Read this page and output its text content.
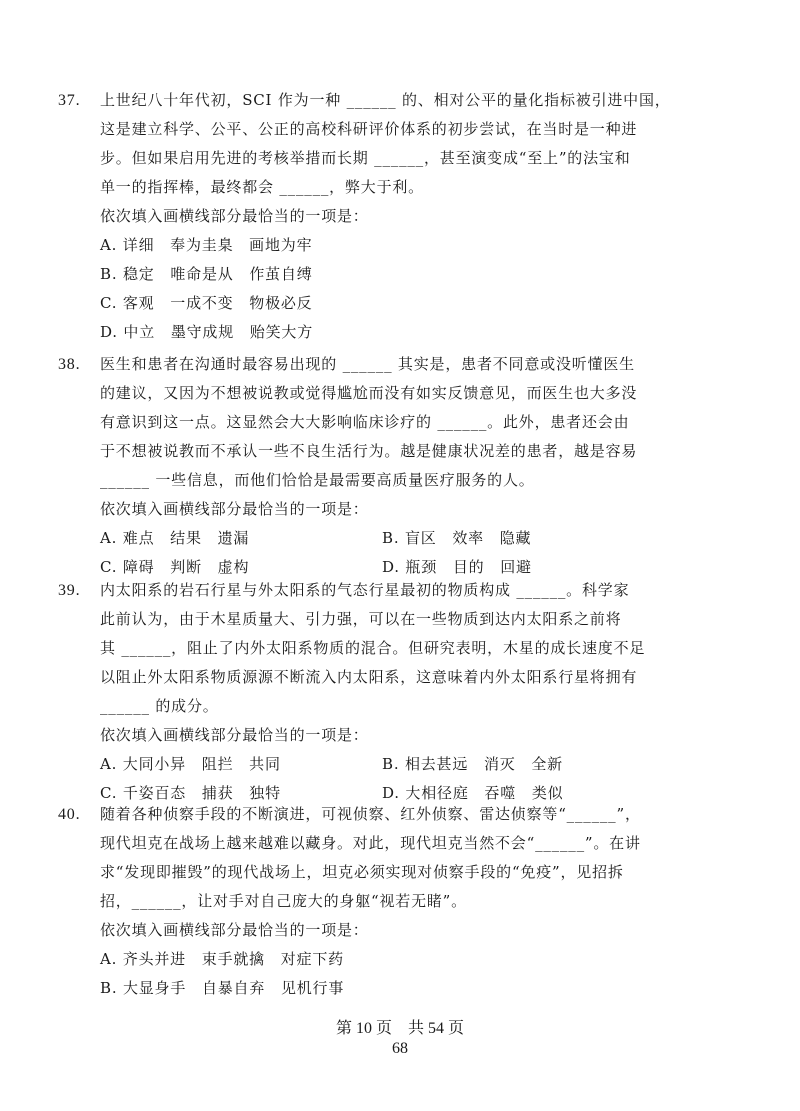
37. 上世纪八十年代初，SCI 作为一种 ______ 的、相对公平的量化指标被引进中国，
这是建立科学、公平、公正的高校科研评价体系的初步尝试，在当时是一种进
步。但如果启用先进的考核举措而长期 ______，甚至演变成“至上”的法宝和
单一的指挥棒，最终都会 ______，弊大于利。
依次填入画横线部分最恰当的一项是：
A. 详细　奉为圭臬　画地为牢
B. 稳定　唯命是从　作茧自缚
C. 客观　一成不变　物极必反
D. 中立　墨守成规　贻笑大方
38. 医生和患者在沟通时最容易出现的 ______ 其实是，患者不同意或没听懂医生
的建议，又因为不想被说教或觉得尴尬而没有如实反馈意见，而医生也大多没
有意识到这一点。这显然会大大影响临床诊疗的 ______。此外，患者还会由
于不想被说教而不承认一些不良生活行为。越是健康状况差的患者，越是容易
______ 一些信息，而他们恰恰是最需要高质量医疗服务的人。
依次填入画横线部分最恰当的一项是：
A. 难点　结果　遗漏	B. 盲区　效率　隐藏
C. 障碍　判断　虚构	D. 瓶颈　目的　回避
39. 内太阳系的岩石行星与外太阳系的气态行星最初的物质构成 ______。科学家
此前认为，由于木星质量大、引力强，可以在一些物质到达内太阳系之前将
其 ______，阻止了内外太阳系物质的混合。但研究表明，木星的成长速度不足
以阻止外太阳系物质源源不断流入内太阳系，这意味着内外太阳系行星将拥有
______ 的成分。
依次填入画横线部分最恰当的一项是：
A. 大同小异　阻拦　共同	B. 相去甚远　消灭　全新
C. 千姿百态　捕获　独特	D. 大相径庭　吞噬　类似
40. 随着各种侦察手段的不断演进，可视侦察、红外侦察、雷达侦察等“______”，
现代坦克在战场上越来越难以藏身。对此，现代坦克当然不会“______”。在讲
求“发现即摧毁”的现代战场上，坦克必须实现对侦察手段的“免疫”，见招拆
招，______，让对手对自己庞大的身躯“视若无睹”。
依次填入画横线部分最恰当的一项是：
A. 齐头并进　束手就擒　对症下药
B. 大显身手　自暴自弃　见机行事
第 10 页　共 54 页
68
